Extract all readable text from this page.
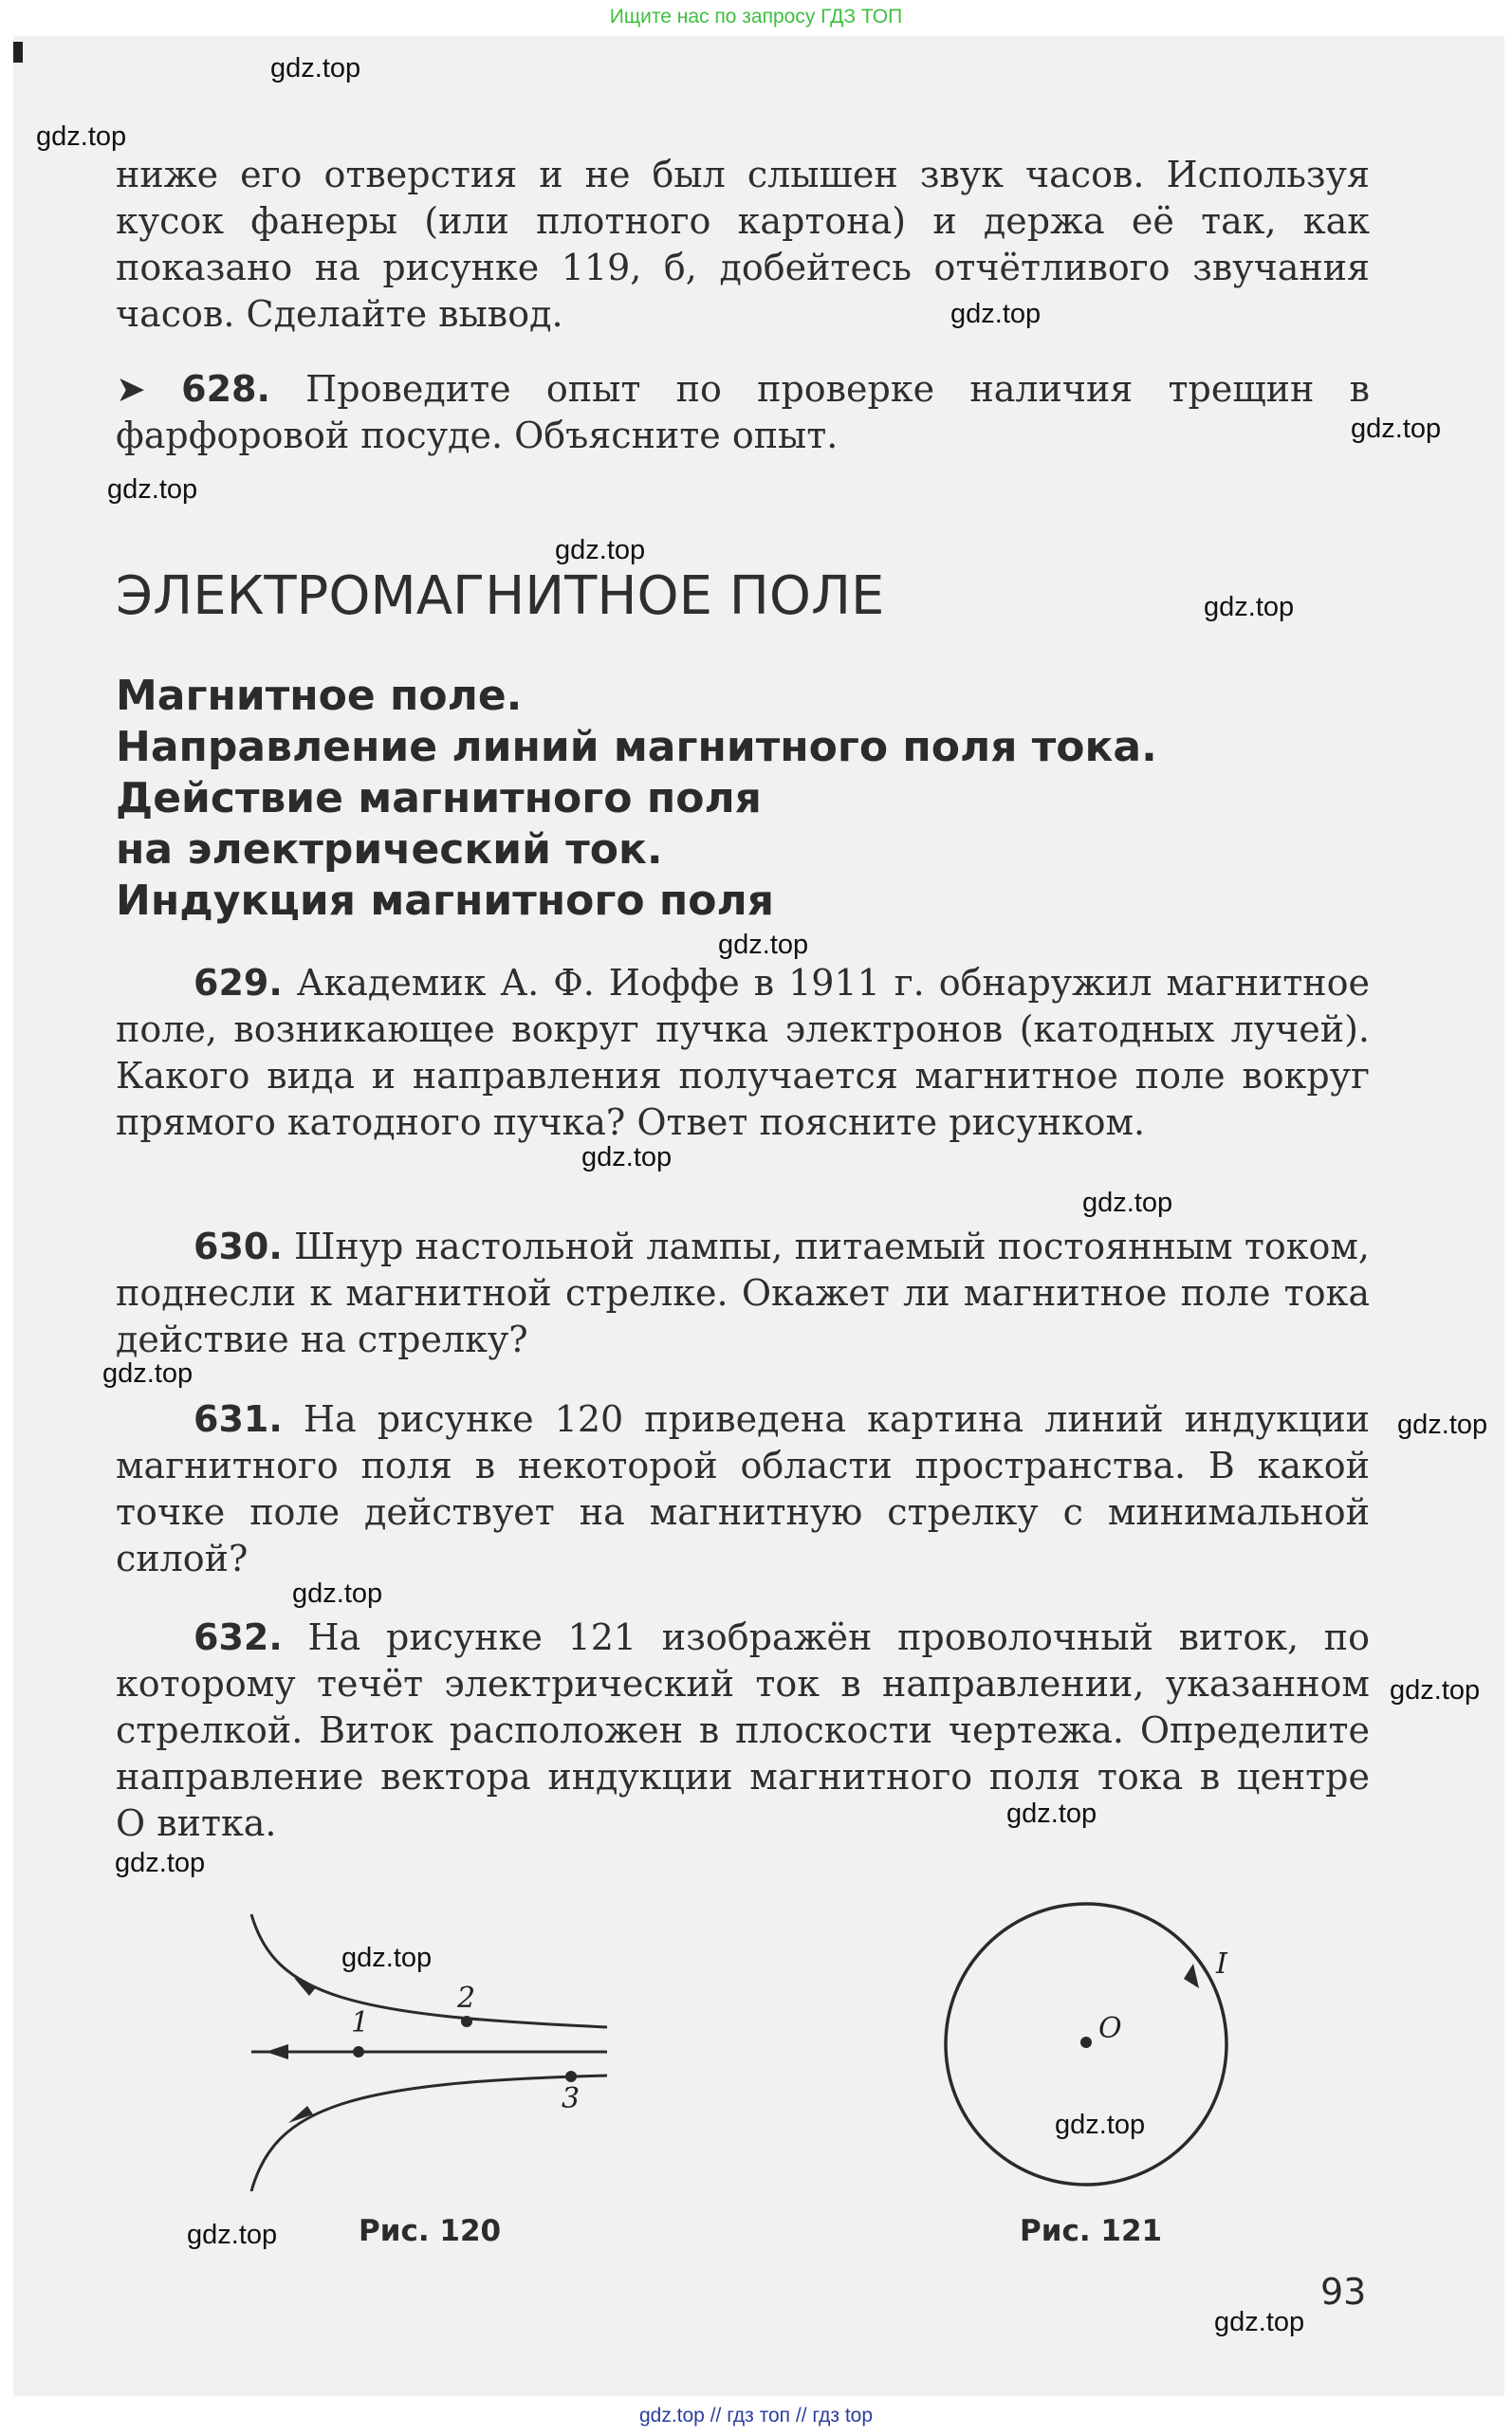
Ищите нас по запросу ГДЗ ТОП

ниже его отверстия и не был слышен звук часов. Используя кусок фанеры (или плотного картона) и держа её так, как показано на рисунке 119, б, добейтесь отчётливого звучания часов. Сделайте вывод.

➤ 628. Проведите опыт по проверке наличия трещин в фарфоровой посуде. Объясните опыт.

ЭЛЕКТРОМАГНИТНОЕ ПОЛЕ
Магнитное поле.
Направление линий магнитного поля тока.
Действие магнитного поля
на электрический ток.
Индукция магнитного поля

629. Академик А. Ф. Иоффе в 1911 г. обнаружил магнитное поле, возникающее вокруг пучка электронов (катодных лучей). Какого вида и направления получается магнитное поле вокруг прямого катодного пучка? Ответ поясните рисунком.

630. Шнур настольной лампы, питаемый постоянным током, поднесли к магнитной стрелке. Окажет ли магнитное поле тока действие на стрелку?

631. На рисунке 120 приведена картина линий индукции магнитного поля в некоторой области пространства. В какой точке поле действует на магнитную стрелку с минимальной силой?

632. На рисунке 121 изображён проволочный виток, по которому течёт электрический ток в направлении, указанном стрелкой. Виток расположен в плоскости чертежа. Определите направление вектора индукции магнитного поля тока в центре O витка.

1
2
3
I
O
Рис. 120	Рис. 121
93
gdz.top
gdz.top
gdz.top
gdz.top
gdz.top
gdz.top
gdz.top
gdz.top
gdz.top
gdz.top
gdz.top
gdz.top
gdz.top
gdz.top
gdz.top
gdz.top
gdz.top
gdz.top
gdz.top
gdz.top
gdz.top // гдз топ // гдз top
